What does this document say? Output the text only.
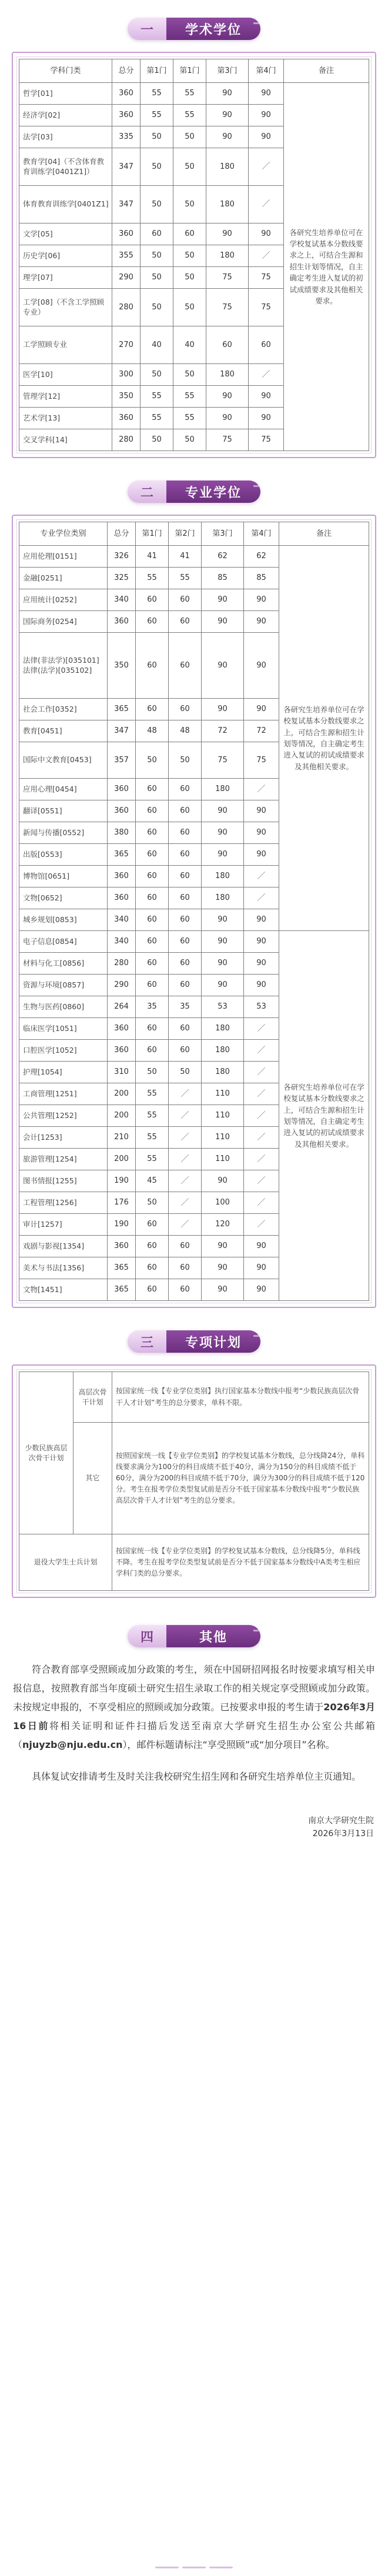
一	学术学位
学科门类	总分	第1门	第1门	第3门	第4门	备注
哲学[01]	360	55	55	90	90	各研究生培养单位可在学校复试基本分数线要求之上，可结合生源和招生计划等情况，自主确定考生进入复试的初试成绩要求及其他相关要求。
经济学[02]	360	55	55	90	90	
法学[03]	335	50	50	90	90	
教育学[04]（不含体育教育训练学[0401Z1]）	347	50	50	180	／	
体育教育训练学[0401Z1]	347	50	50	180	／	
文学[05]	360	60	60	90	90	
历史学[06]	355	50	50	180	／	
理学[07]	290	50	50	75	75	
工学[08]（不含工学照顾专业）	280	50	50	75	75	
工学照顾专业	270	40	40	60	60	
医学[10]	300	50	50	180	／	
管理学[12]	350	55	55	90	90	
艺术学[13]	360	55	55	90	90	
交叉学科[14]	280	50	50	75	75	
二	专业学位
专业学位类别	总分	第1门	第2门	第3门	第4门	备注
应用伦理[0151]	326	41	41	62	62	各研究生培养单位可在学校复试基本分数线要求之上，可结合生源和招生计划等情况，自主确定考生进入复试的初试成绩要求及其他相关要求。
金融[0251]	325	55	55	85	85	
应用统计[0252]	340	60	60	90	90	
国际商务[0254]	360	60	60	90	90	
法律(非法学)[035101]法律(法学)[035102]	350	60	60	90	90	
社会工作[0352]	365	60	60	90	90	
教育[0451]	347	48	48	72	72	
国际中文教育[0453]	357	50	50	75	75	
应用心理[0454]	360	60	60	180	／	
翻译[0551]	360	60	60	90	90	
新闻与传播[0552]	380	60	60	90	90	
出版[0553]	365	60	60	90	90	
博物馆[0651]	360	60	60	180	／	
文物[0652]	360	60	60	180	／	
城乡规划[0853]	340	60	60	90	90	
电子信息[0854]	340	60	60	90	90	各研究生培养单位可在学校复试基本分数线要求之上，可结合生源和招生计划等情况，自主确定考生进入复试的初试成绩要求及其他相关要求。
材料与化工[0856]	280	60	60	90	90	
资源与环境[0857]	290	60	60	90	90	
生物与医药[0860]	264	35	35	53	53	
临床医学[1051]	360	60	60	180	／	
口腔医学[1052]	360	60	60	180	／	
护理[1054]	310	50	50	180	／	
工商管理[1251]	200	55	／	110	／	
公共管理[1252]	200	55	／	110	／	
会计[1253]	210	55	／	110	／	
旅游管理[1254]	200	55	／	110	／	
图书情报[1255]	190	45	／	90	／	
工程管理[1256]	176	50	／	100	／	
审计[1257]	190	60	／	120	／	
戏剧与影视[1354]	360	60	60	90	90	
美术与书法[1356]	365	60	60	90	90	
文物[1451]	365	60	60	90	90	
三	专项计划
少数民族高层次骨干计划	高层次骨干计划	按国家统一线【专业学位类别】执行国家基本分数线中报考“少数民族高层次骨干人才计划”考生的总分要求，单科不限。
	其它	按照国家统一线【专业学位类别】的学校复试基本分数线，总分线降24分，单科线要求满分为100分的科目成绩不低于40分，满分为150分的科目成绩不低于60分，满分为200的科目成绩不低于70分，满分为300分的科目成绩不低于120分。考生在报考学位类型复试前是否分不低于国家基本分数线中报考“少数民族高层次骨干人才计划”考生的总分要求。
退役大学生士兵计划		按国家统一线【专业学位类别】的学校复试基本分数线，总分线降5分，单科线不降。考生在报考学位类型复试前是否分不低于国家基本分数线中A类考生相应学科门类的总分要求。
四	其他

符合教育部享受照顾或加分政策的考生，须在中国研招网报名时按要求填写相关申报信息，按照教育部当年度硕士研究生招生录取工作的相关规定享受照顾或加分政策。未按规定申报的，不享受相应的照顾或加分政策。已按要求申报的考生请于2026年3月16日前将相关证明和证件扫描后发送至南京大学研究生招生办公室公共邮箱（njuyzb@nju.edu.cn），邮件标题请标注“享受照顾”或“加分项目”名称。

具体复试安排请考生及时关注我校研究生招生网和各研究生培养单位主页通知。

南京大学研究生院
2026年3月13日
